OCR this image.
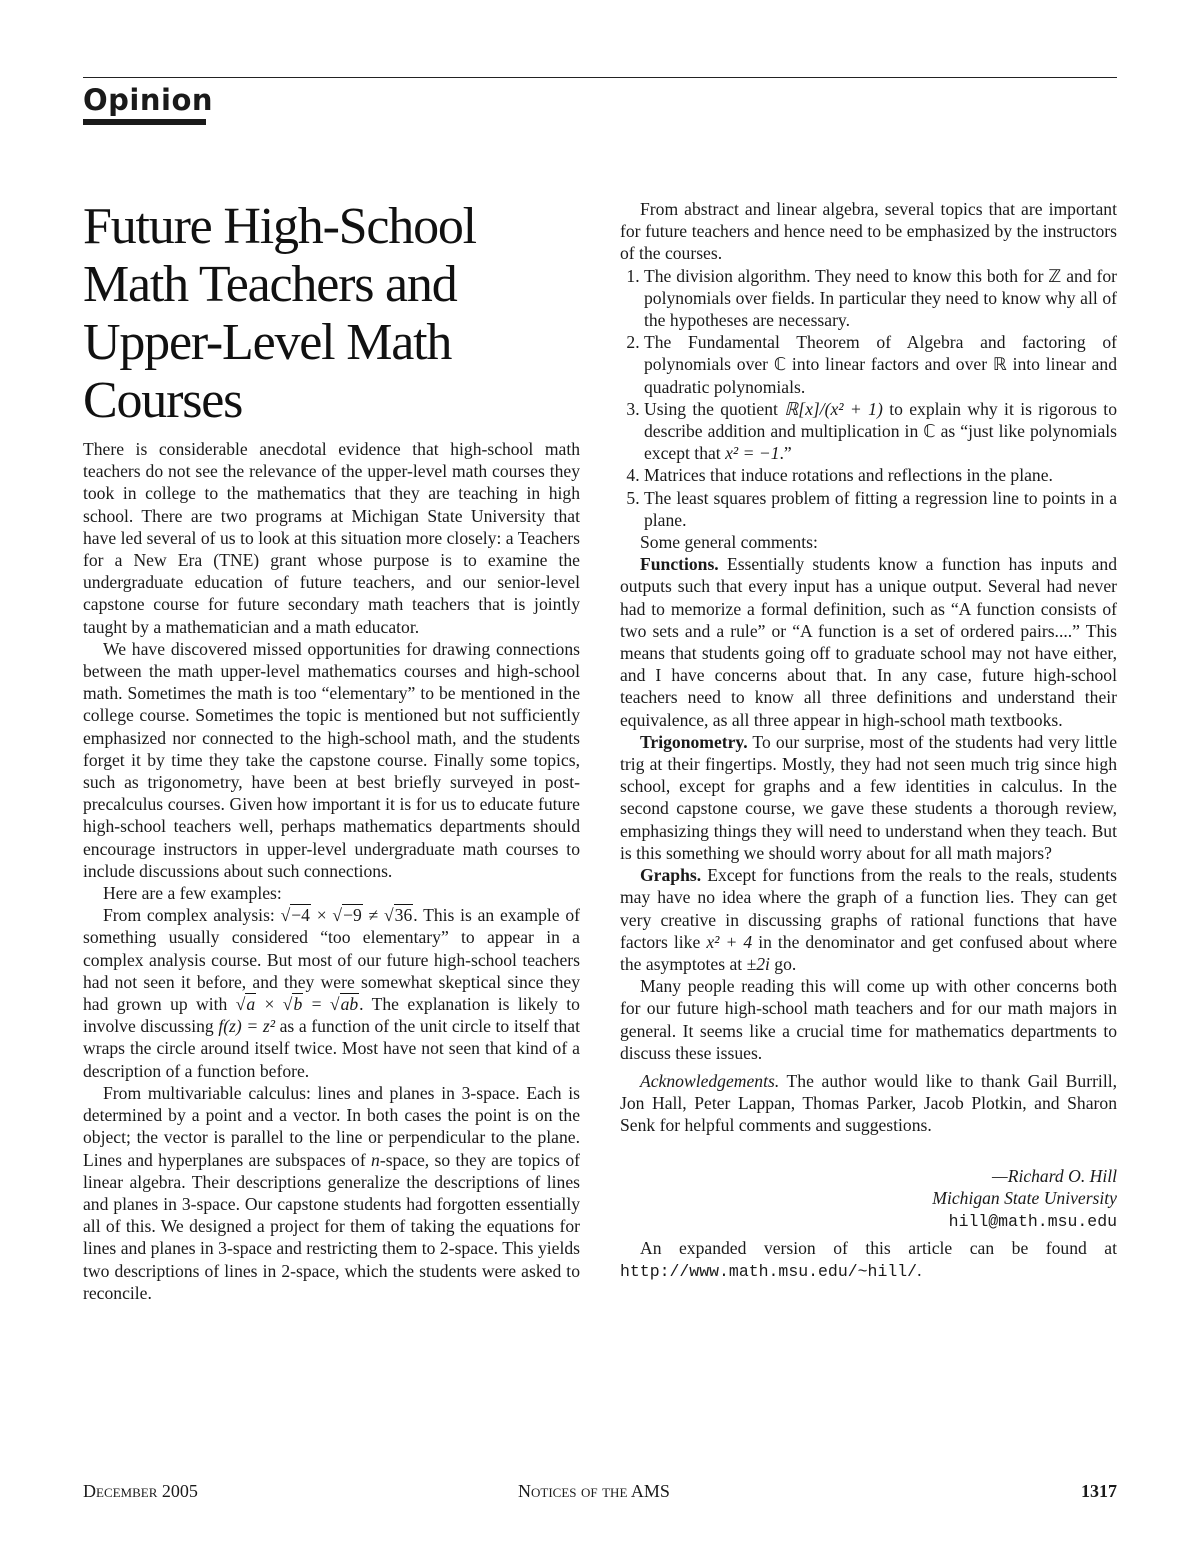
Opinion
Future High-School Math Teachers and Upper-Level Math Courses

There is considerable anecdotal evidence that high-school math teachers do not see the relevance of the upper-level math courses they took in college to the mathematics that they are teaching in high school. There are two programs at Michigan State University that have led several of us to look at this situation more closely: a Teachers for a New Era (TNE) grant whose purpose is to examine the undergraduate education of future teachers, and our senior-level capstone course for future secondary math teachers that is jointly taught by a mathematician and a math educator.

We have discovered missed opportunities for drawing connections between the math upper-level mathematics courses and high-school math. Sometimes the math is too “elementary” to be mentioned in the college course. Sometimes the topic is mentioned but not sufficiently emphasized nor connected to the high-school math, and the students forget it by time they take the capstone course. Finally some topics, such as trigonometry, have been at best briefly surveyed in post-precalculus courses. Given how important it is for us to educate future high-school teachers well, perhaps mathematics departments should encourage instructors in upper-level undergraduate math courses to include discussions about such connections.

Here are a few examples:

From complex analysis: √−4 × √−9 ≠ √36. This is an example of something usually considered “too elementary” to appear in a complex analysis course. But most of our future high-school teachers had not seen it before, and they were somewhat skeptical since they had grown up with √a × √b = √ab. The explanation is likely to involve discussing f(z) = z² as a function of the unit circle to itself that wraps the circle around itself twice. Most have not seen that kind of a description of a function before.

From multivariable calculus: lines and planes in 3-space. Each is determined by a point and a vector. In both cases the point is on the object; the vector is parallel to the line or perpendicular to the plane. Lines and hyperplanes are subspaces of n-space, so they are topics of linear algebra. Their descriptions generalize the descriptions of lines and planes in 3-space. Our capstone students had forgotten essentially all of this. We designed a project for them of taking the equations for lines and planes in 3-space and restricting them to 2-space. This yields two descriptions of lines in 2-space, which the students were asked to reconcile.

From abstract and linear algebra, several topics that are important for future teachers and hence need to be emphasized by the instructors of the courses.

1. The division algorithm. They need to know this both for ℤ and for polynomials over fields. In particular they need to know why all of the hypotheses are necessary.
2. The Fundamental Theorem of Algebra and factoring of polynomials over ℂ into linear factors and over ℝ into linear and quadratic polynomials.
3. Using the quotient ℝ[x]/(x² + 1) to explain why it is rigorous to describe addition and multiplication in ℂ as “just like polynomials except that x² = −1.”
4. Matrices that induce rotations and reflections in the plane.
5. The least squares problem of fitting a regression line to points in a plane.

Some general comments:

Functions. Essentially students know a function has inputs and outputs such that every input has a unique output. Several had never had to memorize a formal definition, such as “A function consists of two sets and a rule” or “A function is a set of ordered pairs....” This means that students going off to graduate school may not have either, and I have concerns about that. In any case, future high-school teachers need to know all three definitions and understand their equivalence, as all three appear in high-school math textbooks.

Trigonometry. To our surprise, most of the students had very little trig at their fingertips. Mostly, they had not seen much trig since high school, except for graphs and a few identities in calculus. In the second capstone course, we gave these students a thorough review, emphasizing things they will need to understand when they teach. But is this something we should worry about for all math majors?

Graphs. Except for functions from the reals to the reals, students may have no idea where the graph of a function lies. They can get very creative in discussing graphs of rational functions that have factors like x² + 4 in the denominator and get confused about where the asymptotes at ±2i go.

Many people reading this will come up with other concerns both for our future high-school math teachers and for our math majors in general. It seems like a crucial time for mathematics departments to discuss these issues.

Acknowledgements. The author would like to thank Gail Burrill, Jon Hall, Peter Lappan, Thomas Parker, Jacob Plotkin, and Sharon Senk for helpful comments and suggestions.

—Richard O. Hill
Michigan State University
hill@math.msu.edu

An expanded version of this article can be found at http://www.math.msu.edu/~hill/.

December 2005	Notices of the AMS	1317
